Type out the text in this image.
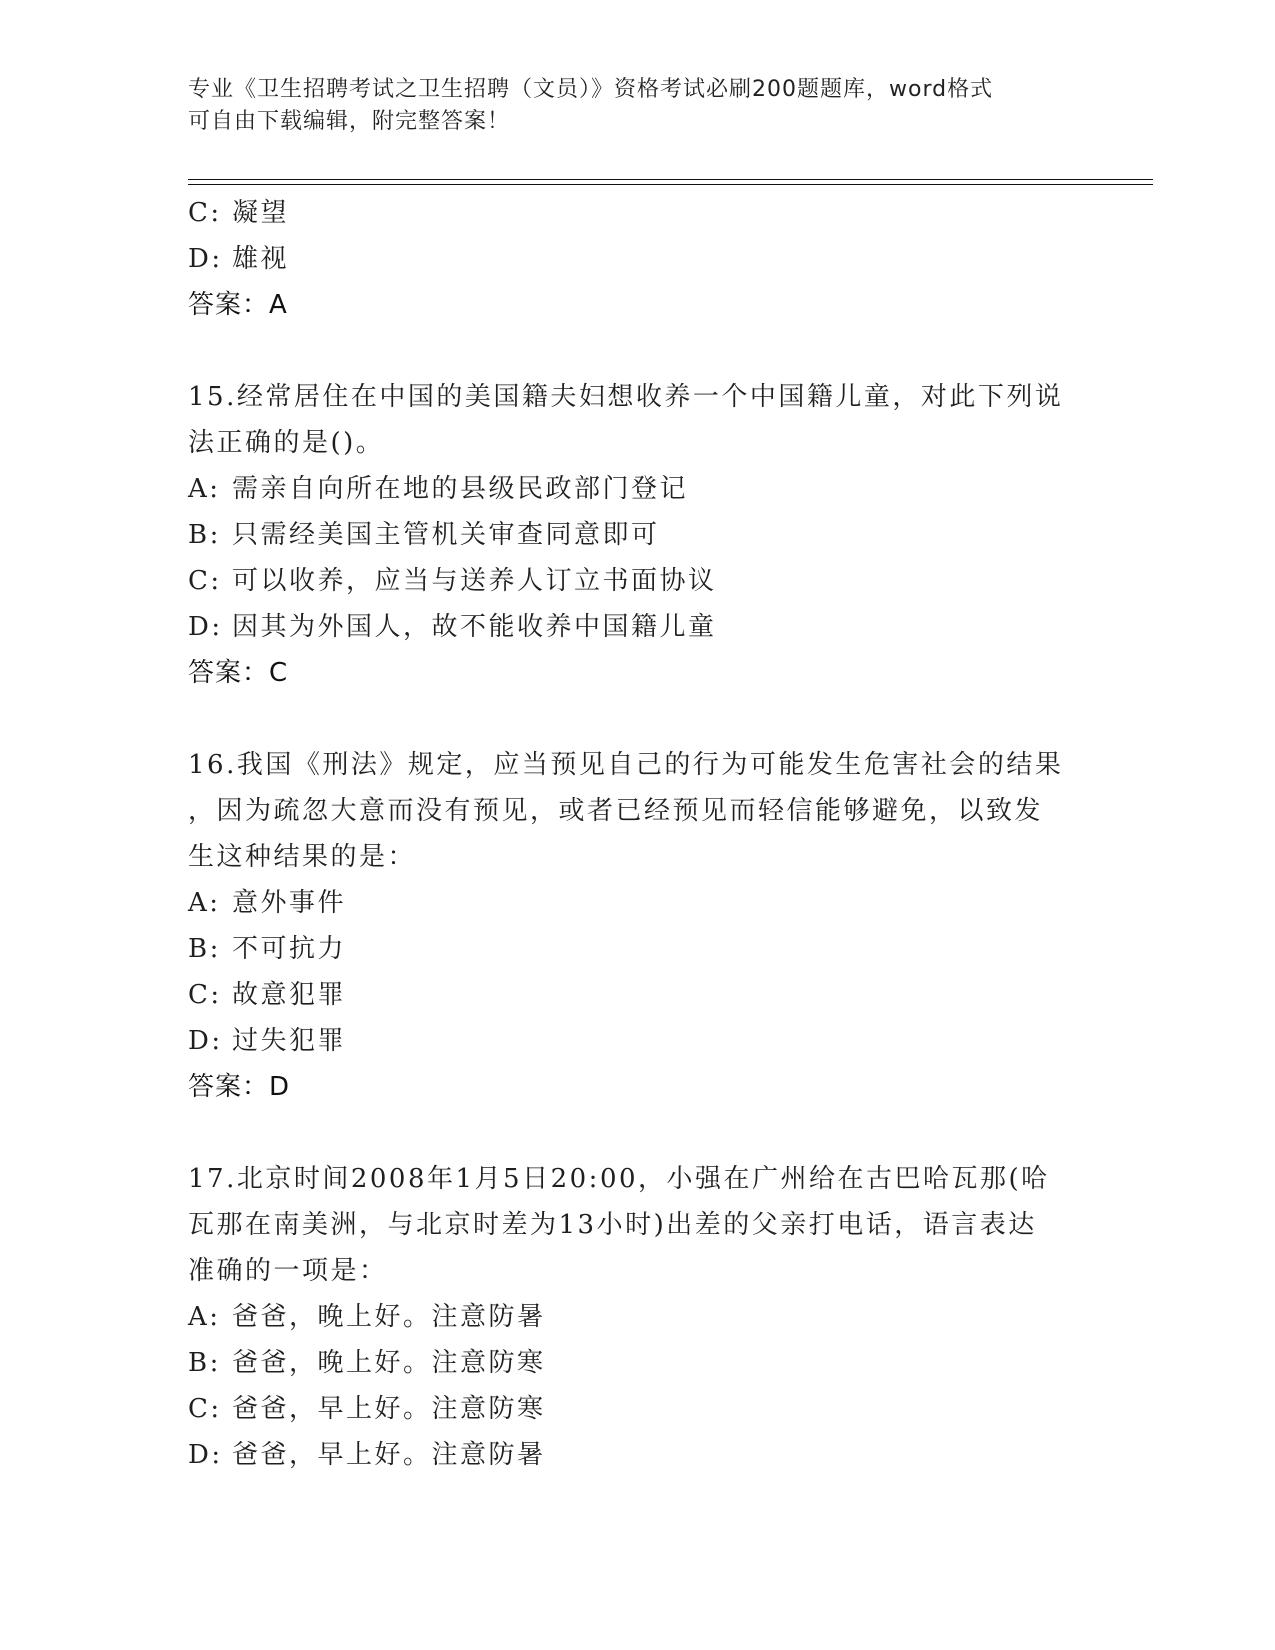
专业《卫生招聘考试之卫生招聘（文员）》资格考试必刷200题题库，word格式
可自由下载编辑，附完整答案！
C: 凝望
D: 雄视
答案：A
15.经常居住在中国的美国籍夫妇想收养一个中国籍儿童，对此下列说
法正确的是()。
A: 需亲自向所在地的县级民政部门登记
B: 只需经美国主管机关审查同意即可
C: 可以收养，应当与送养人订立书面协议
D: 因其为外国人，故不能收养中国籍儿童
答案：C
16.我国《刑法》规定，应当预见自己的行为可能发生危害社会的结果
，因为疏忽大意而没有预见，或者已经预见而轻信能够避免，以致发
生这种结果的是：
A: 意外事件
B: 不可抗力
C: 故意犯罪
D: 过失犯罪
答案：D
17.北京时间2008年1月5日20:00，小强在广州给在古巴哈瓦那(哈
瓦那在南美洲，与北京时差为13小时)出差的父亲打电话，语言表达
准确的一项是：
A: 爸爸，晚上好。注意防暑
B: 爸爸，晚上好。注意防寒
C: 爸爸，早上好。注意防寒
D: 爸爸，早上好。注意防暑
